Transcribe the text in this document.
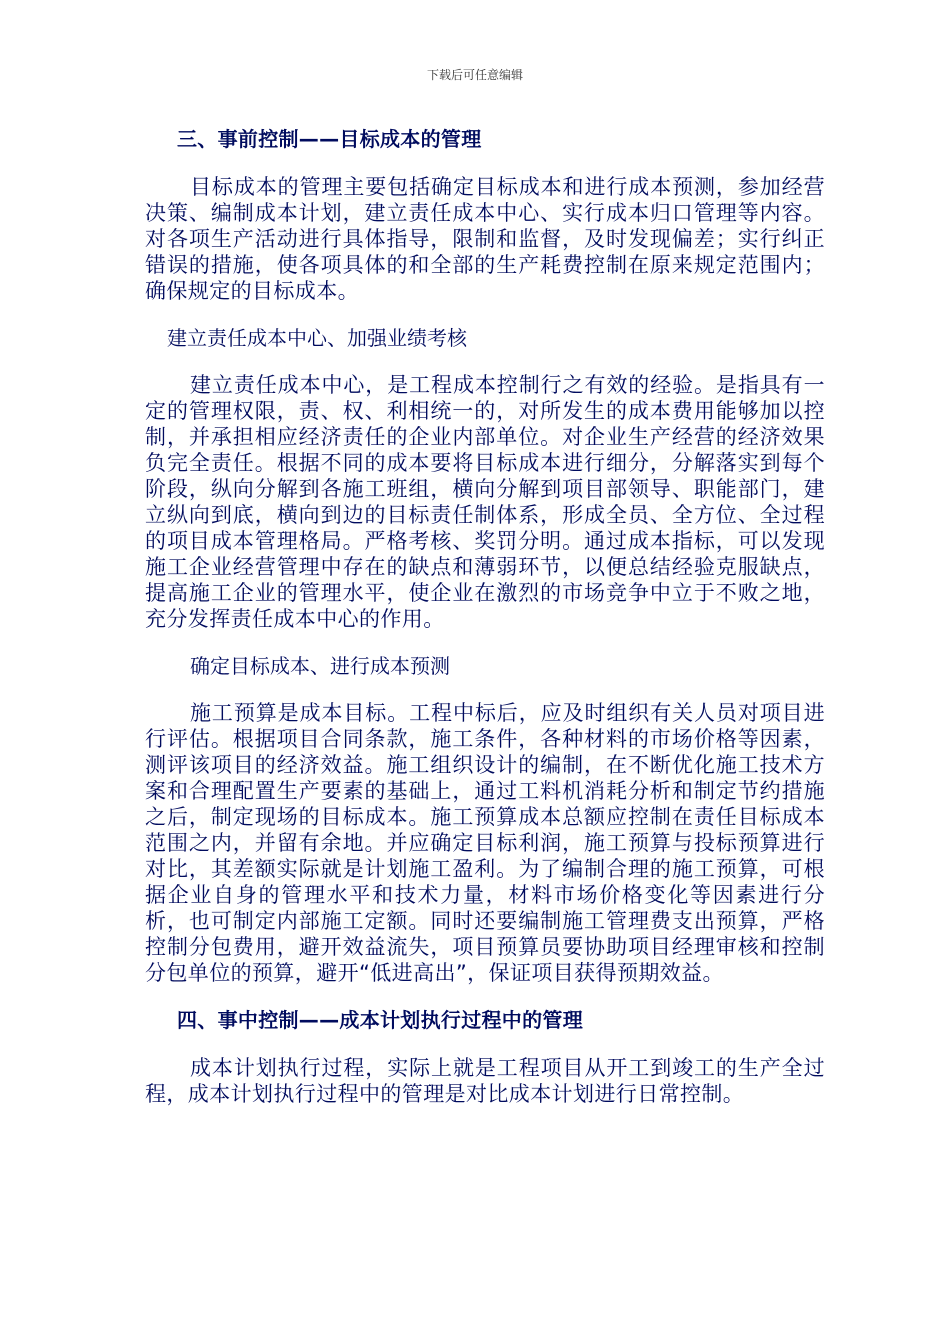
下载后可任意编辑
三、事前控制——目标成本的管理

目标成本的管理主要包括确定目标成本和进行成本预测，参加经营决策、编制成本计划，建立责任成本中心、实行成本归口管理等内容。对各项生产活动进行具体指导，限制和监督，及时发现偏差；实行纠正错误的措施，使各项具体的和全部的生产耗费控制在原来规定范围内；确保规定的目标成本。

建立责任成本中心、加强业绩考核

建立责任成本中心，是工程成本控制行之有效的经验。是指具有一定的管理权限，责、权、利相统一的，对所发生的成本费用能够加以控制，并承担相应经济责任的企业内部单位。对企业生产经营的经济效果负完全责任。根据不同的成本要将目标成本进行细分，分解落实到每个阶段，纵向分解到各施工班组，横向分解到项目部领导、职能部门，建立纵向到底，横向到边的目标责任制体系，形成全员、全方位、全过程的项目成本管理格局。严格考核、奖罚分明。通过成本指标，可以发现施工企业经营管理中存在的缺点和薄弱环节，以便总结经验克服缺点，提高施工企业的管理水平，使企业在激烈的市场竞争中立于不败之地，充分发挥责任成本中心的作用。

确定目标成本、进行成本预测

施工预算是成本目标。工程中标后，应及时组织有关人员对项目进行评估。根据项目合同条款，施工条件，各种材料的市场价格等因素，测评该项目的经济效益。施工组织设计的编制，在不断优化施工技术方案和合理配置生产要素的基础上，通过工料机消耗分析和制定节约措施之后，制定现场的目标成本。施工预算成本总额应控制在责任目标成本范围之内，并留有余地。并应确定目标利润，施工预算与投标预算进行对比，其差额实际就是计划施工盈利。为了编制合理的施工预算，可根据企业自身的管理水平和技术力量，材料市场价格变化等因素进行分析，也可制定内部施工定额。同时还要编制施工管理费支出预算，严格控制分包费用，避开效益流失，项目预算员要协助项目经理审核和控制分包单位的预算，避开“低进高出”，保证项目获得预期效益。

四、事中控制——成本计划执行过程中的管理

成本计划执行过程，实际上就是工程项目从开工到竣工的生产全过程，成本计划执行过程中的管理是对比成本计划进行日常控制。
